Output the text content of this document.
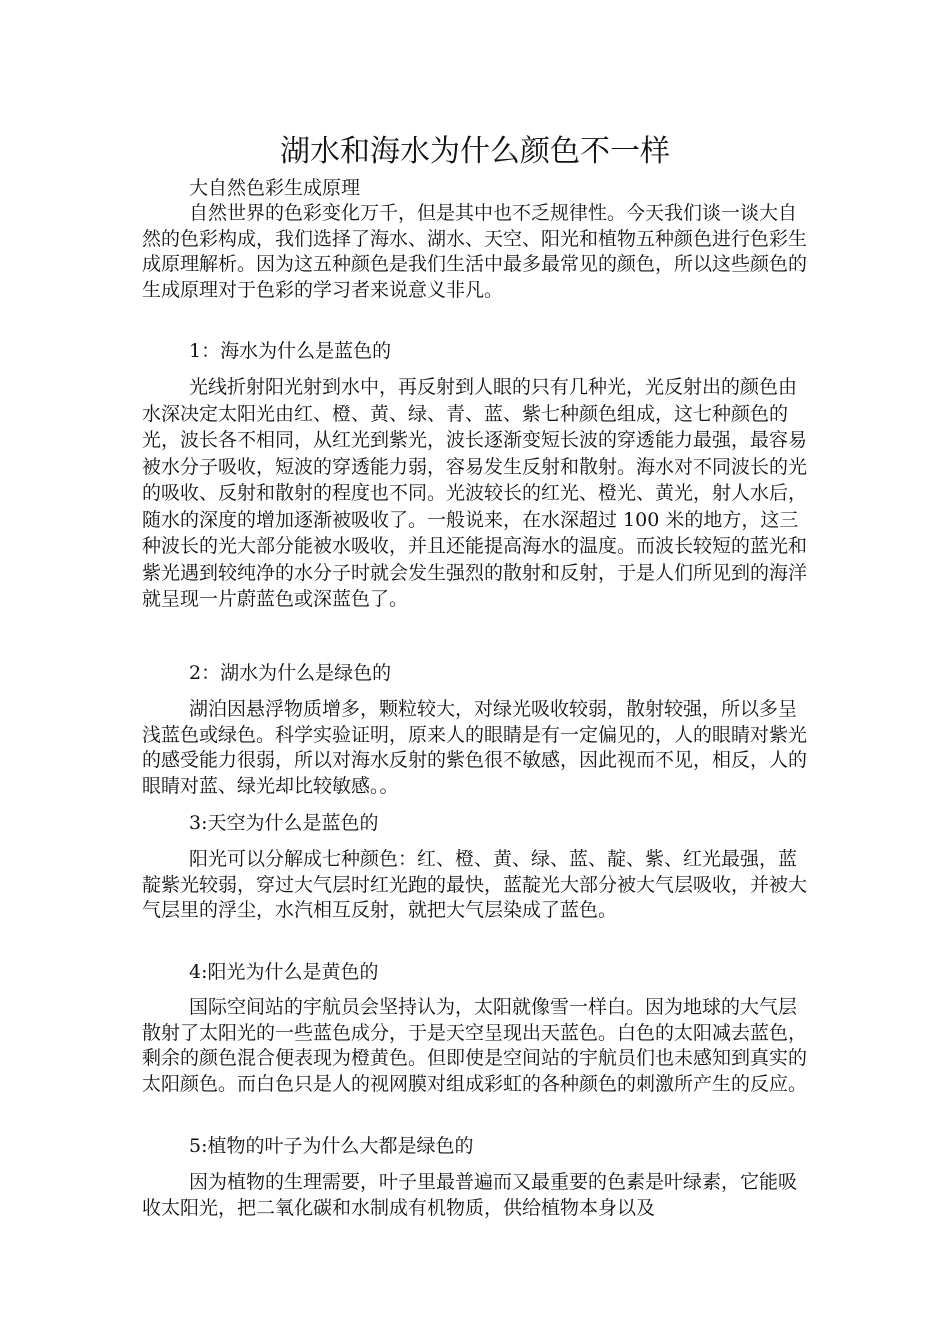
湖水和海水为什么颜色不一样
大自然色彩生成原理

自然世界的色彩变化万千，但是其中也不乏规律性。今天我们谈一谈大自然的色彩构成，我们选择了海水、湖水、天空、阳光和植物五种颜色进行色彩生成原理解析。因为这五种颜色是我们生活中最多最常见的颜色，所以这些颜色的生成原理对于色彩的学习者来说意义非凡。

1：海水为什么是蓝色的

光线折射阳光射到水中，再反射到人眼的只有几种光，光反射出的颜色由水深决定太阳光由红、橙、黄、绿、青、蓝、紫七种颜色组成，这七种颜色的光，波长各不相同，从红光到紫光，波长逐渐变短长波的穿透能力最强，最容易被水分子吸收，短波的穿透能力弱，容易发生反射和散射。海水对不同波长的光的吸收、反射和散射的程度也不同。光波较长的红光、橙光、黄光，射人水后，随水的深度的增加逐渐被吸收了。一般说来，在水深超过 100 米的地方，这三种波长的光大部分能被水吸收，并且还能提高海水的温度。而波长较短的蓝光和紫光遇到较纯净的水分子时就会发生强烈的散射和反射，于是人们所见到的海洋就呈现一片蔚蓝色或深蓝色了。

2：湖水为什么是绿色的

湖泊因悬浮物质增多，颗粒较大，对绿光吸收较弱，散射较强，所以多呈浅蓝色或绿色。科学实验证明，原来人的眼睛是有一定偏见的，人的眼睛对紫光的感受能力很弱，所以对海水反射的紫色很不敏感，因此视而不见，相反，人的眼睛对蓝、绿光却比较敏感。。

3:天空为什么是蓝色的

阳光可以分解成七种颜色：红、橙、黄、绿、蓝、靛、紫、红光最强，蓝靛紫光较弱，穿过大气层时红光跑的最快，蓝靛光大部分被大气层吸收，并被大气层里的浮尘，水汽相互反射，就把大气层染成了蓝色。

4:阳光为什么是黄色的

国际空间站的宇航员会坚持认为，太阳就像雪一样白。因为地球的大气层散射了太阳光的一些蓝色成分，于是天空呈现出天蓝色。白色的太阳减去蓝色，剩余的颜色混合便表现为橙黄色。但即使是空间站的宇航员们也未感知到真实的太阳颜色。而白色只是人的视网膜对组成彩虹的各种颜色的刺激所产生的反应。

5:植物的叶子为什么大都是绿色的

因为植物的生理需要，叶子里最普遍而又最重要的色素是叶绿素，它能吸收太阳光，把二氧化碳和水制成有机物质，供给植物本身以及
